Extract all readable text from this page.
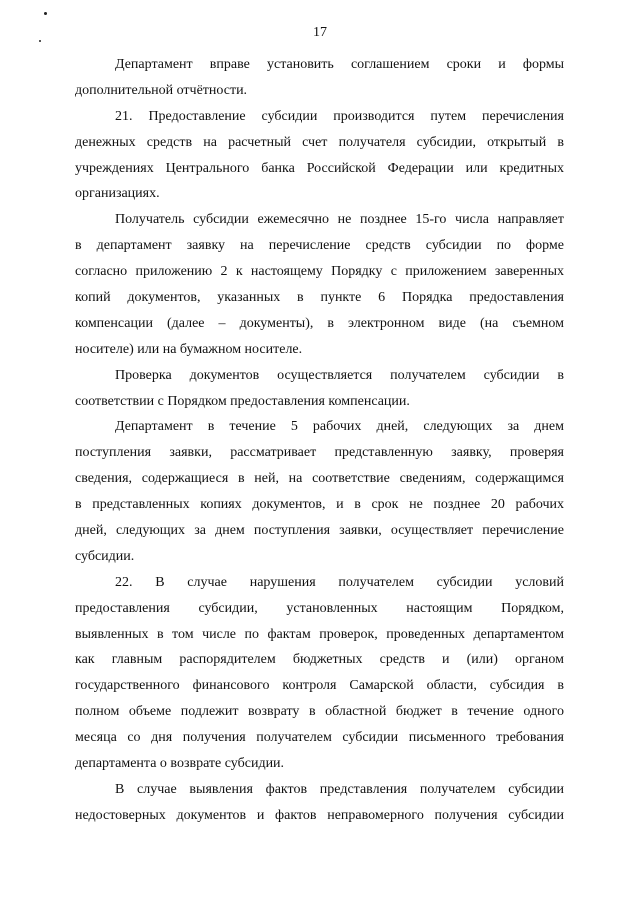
17
Департамент вправе установить соглашением сроки и формы
дополнительной отчётности.
21. Предоставление субсидии производится путем перечисления
денежных средств на расчетный счет получателя субсидии, открытый в
учреждениях Центрального банка Российской Федерации или кредитных
организациях.
Получатель субсидии ежемесячно не позднее 15-го числа направляет
в департамент заявку на перечисление средств субсидии по форме
согласно приложению 2 к настоящему Порядку с приложением заверенных
копий документов, указанных в пункте 6 Порядка предоставления
компенсации (далее – документы), в электронном виде (на съемном
носителе) или на бумажном носителе.
Проверка документов осуществляется получателем субсидии в
соответствии с Порядком предоставления компенсации.
Департамент в течение 5 рабочих дней, следующих за днем
поступления заявки, рассматривает представленную заявку, проверяя
сведения, содержащиеся в ней, на соответствие сведениям, содержащимся
в представленных копиях документов, и в срок не позднее 20 рабочих
дней, следующих за днем поступления заявки, осуществляет перечисление
субсидии.
22. В случае нарушения получателем субсидии условий
предоставления субсидии, установленных настоящим Порядком,
выявленных в том числе по фактам проверок, проведенных департаментом
как главным распорядителем бюджетных средств и (или) органом
государственного финансового контроля Самарской области, субсидия в
полном объеме подлежит возврату в областной бюджет в течение одного
месяца со дня получения получателем субсидии письменного требования
департамента о возврате субсидии.
В случае выявления фактов представления получателем субсидии
недостоверных документов и фактов неправомерного получения субсидии
